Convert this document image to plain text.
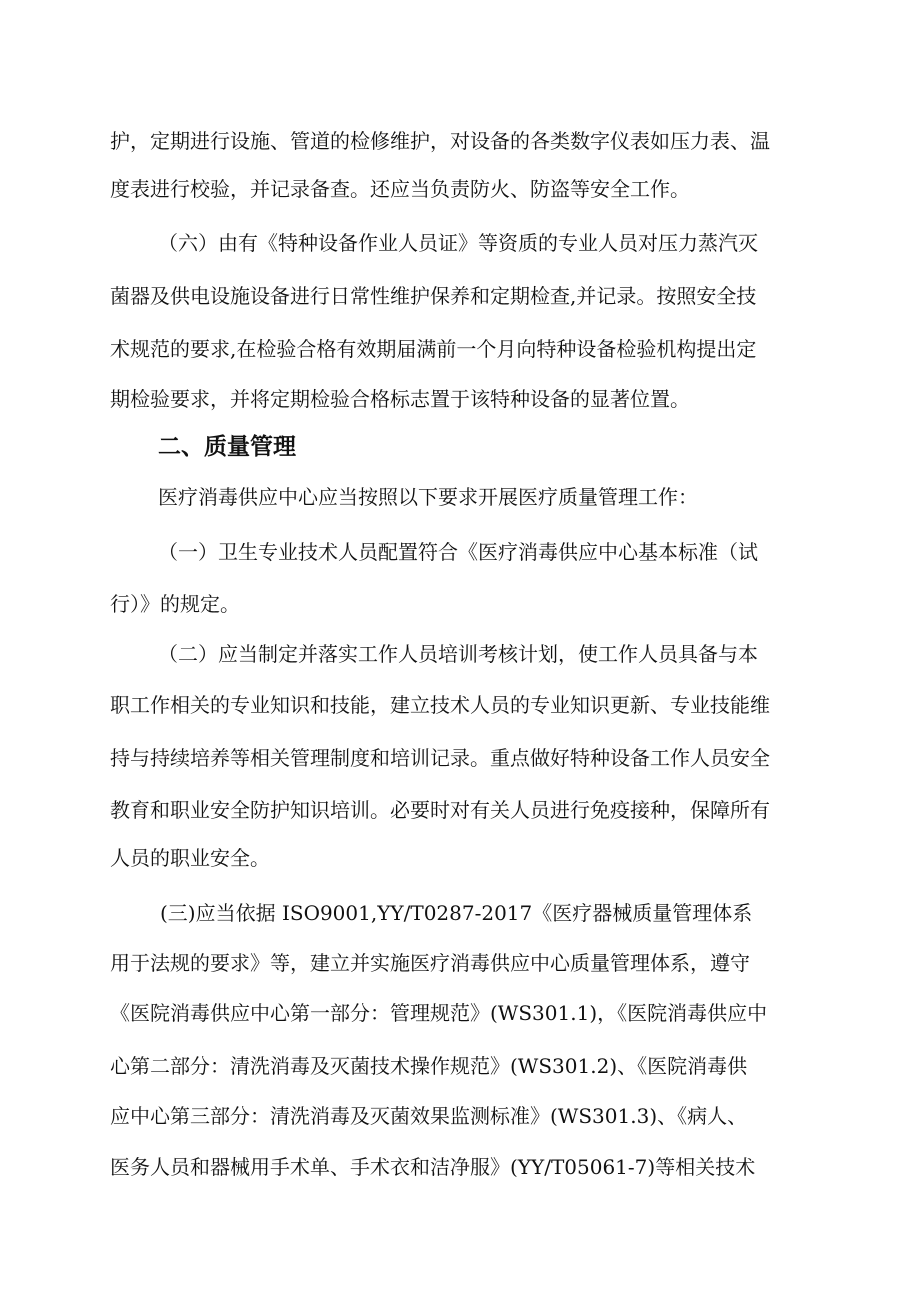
护，定期进行设施、管道的检修维护，对设备的各类数字仪表如压力表、温
度表进行校验，并记录备查。还应当负责防火、防盗等安全工作。
（六）由有《特种设备作业人员证》等资质的专业人员对压力蒸汽灭
菌器及供电设施设备进行日常性维护保养和定期检查,并记录。按照安全技
术规范的要求,在检验合格有效期届满前一个月向特种设备检验机构提出定
期检验要求，并将定期检验合格标志置于该特种设备的显著位置。
二、质量管理
医疗消毒供应中心应当按照以下要求开展医疗质量管理工作：
（一）卫生专业技术人员配置符合《医疗消毒供应中心基本标准（试
行）》的规定。
（二）应当制定并落实工作人员培训考核计划，使工作人员具备与本
职工作相关的专业知识和技能，建立技术人员的专业知识更新、专业技能维
持与持续培养等相关管理制度和培训记录。重点做好特种设备工作人员安全
教育和职业安全防护知识培训。必要时对有关人员进行免疫接种，保障所有
人员的职业安全。
(三)应当依据 ISO9001,YY/T0287-2017《医疗器械质量管理体系
用于法规的要求》等，建立并实施医疗消毒供应中心质量管理体系，遵守
《医院消毒供应中心第一部分：管理规范》(WS301.1)，《医院消毒供应中
心第二部分：清洗消毒及灭菌技术操作规范》(WS301.2)、《医院消毒供
应中心第三部分：清洗消毒及灭菌效果监测标准》(WS301.3)、《病人、
医务人员和器械用手术单、手术衣和洁净服》(YY/T05061-7)等相关技术
